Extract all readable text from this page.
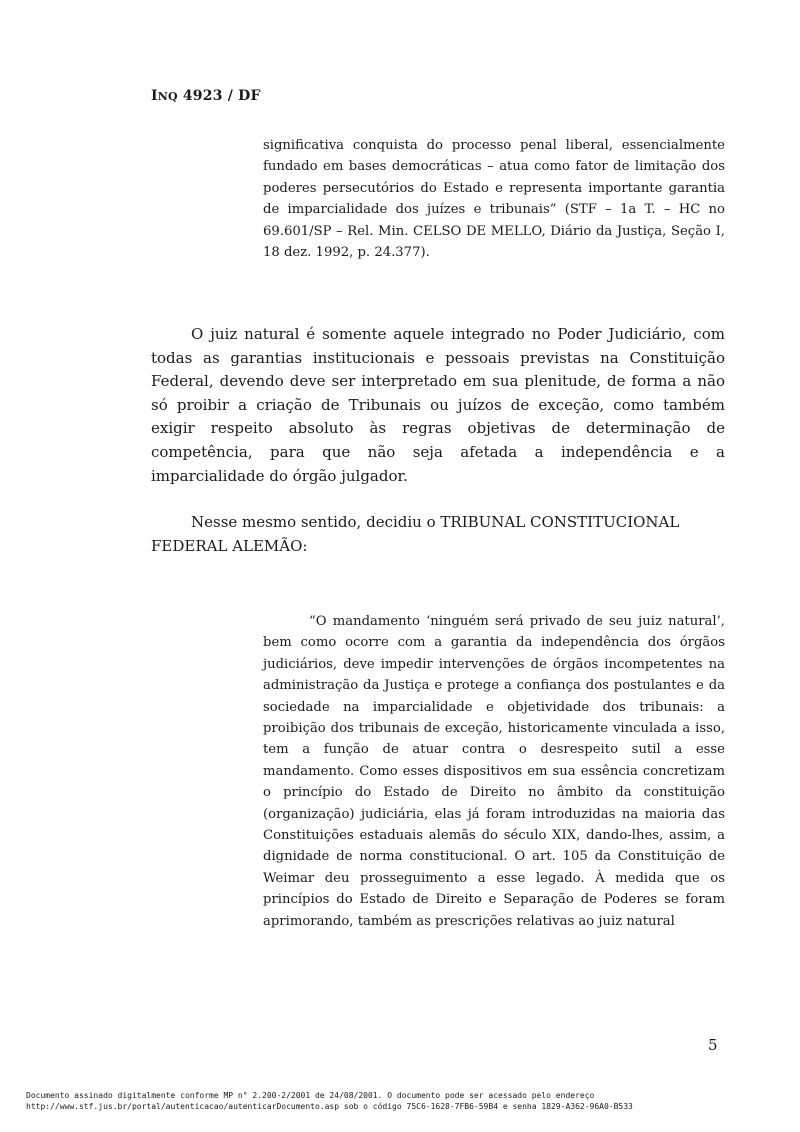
INQ 4923 / DF

significativa conquista do processo penal liberal, essencialmente fundado em bases democráticas – atua como fator de limitação dos poderes persecutórios do Estado e representa importante garantia de imparcialidade dos juízes e tribunais” (STF – 1a T. – HC no 69.601/SP – Rel. Min. CELSO DE MELLO, Diário da Justiça, Seção I, 18 dez. 1992, p. 24.377).

O juiz natural é somente aquele integrado no Poder Judiciário, com todas as garantias institucionais e pessoais previstas na Constituição Federal, devendo deve ser interpretado em sua plenitude, de forma a não só proibir a criação de Tribunais ou juízos de exceção, como também exigir respeito absoluto às regras objetivas de determinação de competência, para que não seja afetada a independência e a imparcialidade do órgão julgador.

Nesse mesmo sentido, decidiu o TRIBUNAL CONSTITUCIONAL FEDERAL ALEMÃO:

“O mandamento ‘ninguém será privado de seu juiz natural’, bem como ocorre com a garantia da independência dos órgãos judiciários, deve impedir intervenções de órgãos incompetentes na administração da Justiça e protege a confiança dos postulantes e da sociedade na imparcialidade e objetividade dos tribunais: a proibição dos tribunais de exceção, historicamente vinculada a isso, tem a função de atuar contra o desrespeito sutil a esse mandamento. Como esses dispositivos em sua essência concretizam o princípio do Estado de Direito no âmbito da constituição (organização) judiciária, elas já foram introduzidas na maioria das Constituições estaduais alemãs do século XIX, dando-lhes, assim, a dignidade de norma constitucional. O art. 105 da Constituição de Weimar deu prosseguimento a esse legado. À medida que os princípios do Estado de Direito e Separação de Poderes se foram aprimorando, também as prescrições relativas ao juiz natural

5
Documento assinado digitalmente conforme MP n° 2.200-2/2001 de 24/08/2001. O documento pode ser acessado pelo endereço
http://www.stf.jus.br/portal/autenticacao/autenticarDocumento.asp sob o código 75C6-1628-7FB6-59B4 e senha 1829-A362-96A0-B533
